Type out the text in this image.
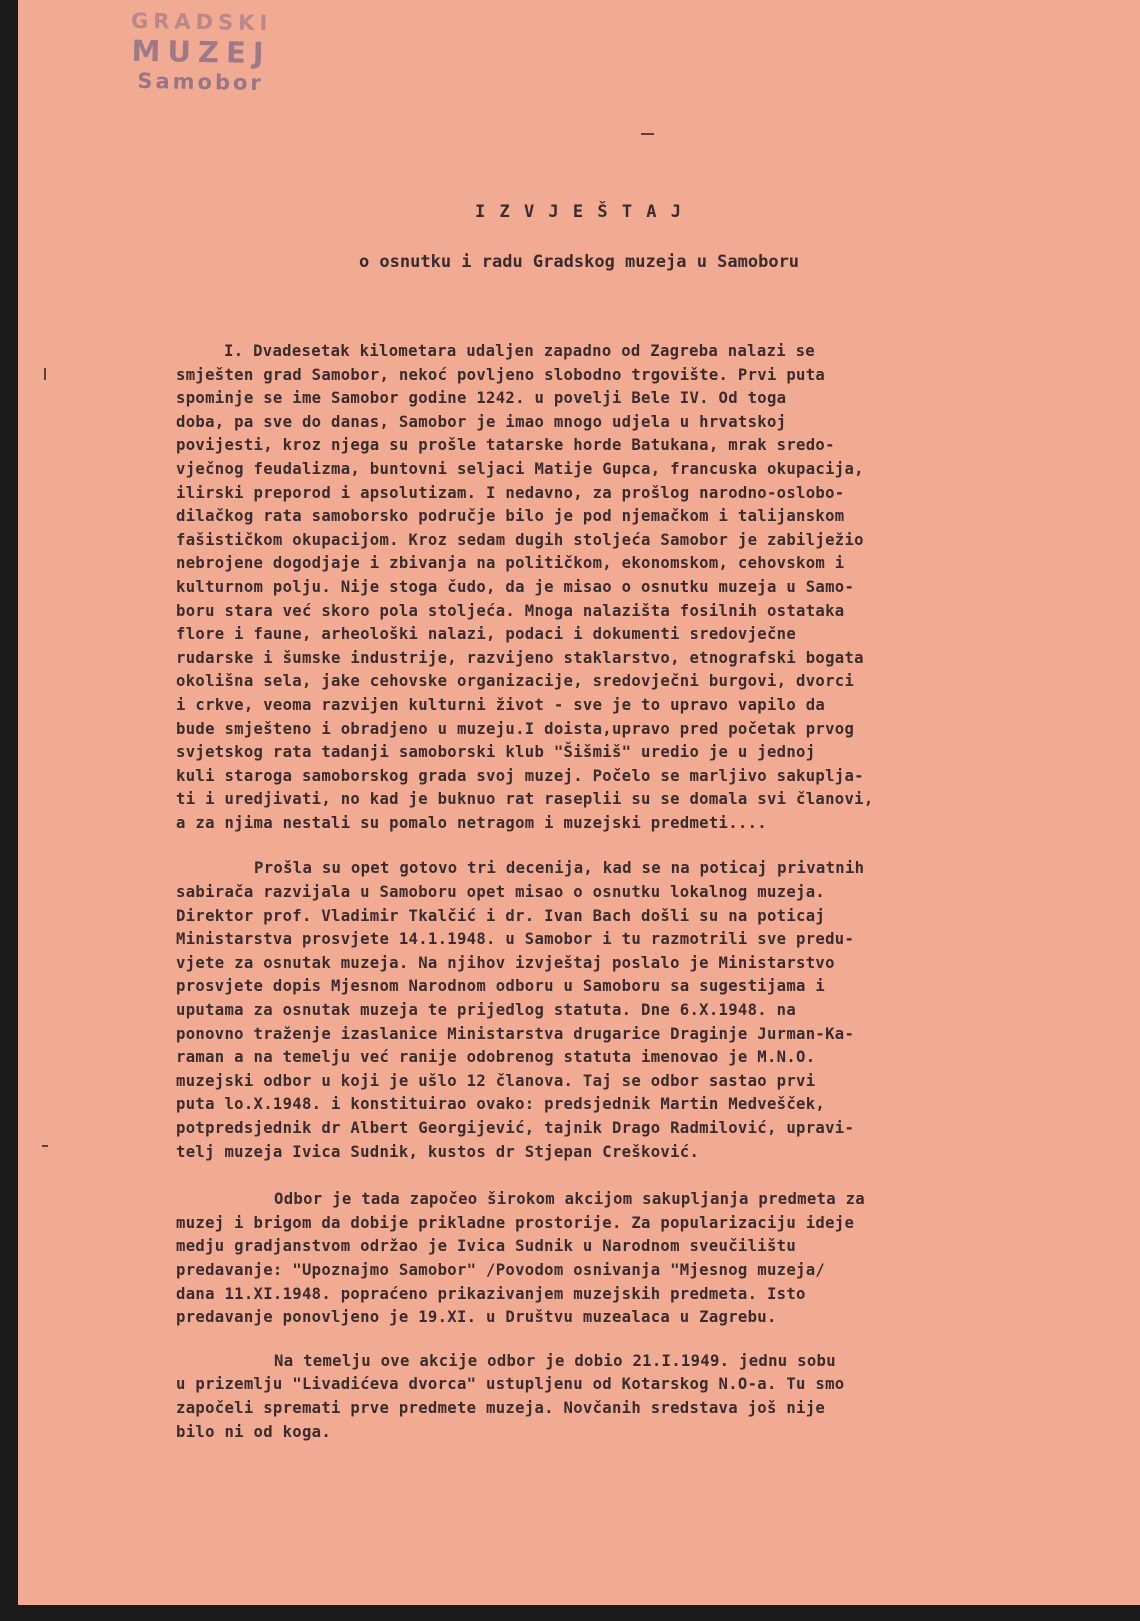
GRADSKI
MUZEJ
Samobor
I Z V J E Š T A J
o osnutku i radu Gradskog muzeja u Samoboru
I. Dvadesetak kilometara udaljen zapadno od Zagreba nalazi se
smješten grad Samobor, nekoć povljeno slobodno trgovište. Prvi puta
spominje se ime Samobor godine 1242. u povelji Bele IV. Od toga
doba, pa sve do danas, Samobor je imao mnogo udjela u hrvatskoj
povijesti, kroz njega su prošle tatarske horde Batukana, mrak sredo-
vječnog feudalizma, buntovni seljaci Matije Gupca, francuska okupacija,
ilirski preporod i apsolutizam. I nedavno, za prošlog narodno-oslobo-
dilačkog rata samoborsko područje bilo je pod njemačkom i talijanskom
fašističkom okupacijom. Kroz sedam dugih stoljeća Samobor je zabilježio
nebrojene dogodjaje i zbivanja na političkom, ekonomskom, cehovskom i
kulturnom polju. Nije stoga čudo, da je misao o osnutku muzeja u Samo-
boru stara već skoro pola stoljeća. Mnoga nalazišta fosilnih ostataka
flore i faune, arheološki nalazi, podaci i dokumenti sredovječne
rudarske i šumske industrije, razvijeno staklarstvo, etnografski bogata
okolišna sela, jake cehovske organizacije, sredovječni burgovi, dvorci
i crkve, veoma razvijen kulturni život - sve je to upravo vapilo da
bude smješteno i obradjeno u muzeju.I doista,upravo pred početak prvog
svjetskog rata tadanji samoborski klub "Šišmiš" uredio je u jednoj
kuli staroga samoborskog grada svoj muzej. Počelo se marljivo sakuplja-
ti i uredjivati, no kad je buknuo rat raseplii su se domala svi članovi,
a za njima nestali su pomalo netragom i muzejski predmeti....
Prošla su opet gotovo tri decenija, kad se na poticaj privatnih
sabirača razvijala u Samoboru opet misao o osnutku lokalnog muzeja.
Direktor prof. Vladimir Tkalčić i dr. Ivan Bach došli su na poticaj
Ministarstva prosvjete 14.1.1948. u Samobor i tu razmotrili sve predu-
vjete za osnutak muzeja. Na njihov izvještaj poslalo je Ministarstvo
prosvjete dopis Mjesnom Narodnom odboru u Samoboru sa sugestijama i
uputama za osnutak muzeja te prijedlog statuta. Dne 6.X.1948. na
ponovno traženje izaslanice Ministarstva drugarice Draginje Jurman-Ka-
raman a na temelju već ranije odobrenog statuta imenovao je M.N.O.
muzejski odbor u koji je ušlo 12 članova. Taj se odbor sastao prvi
puta lo.X.1948. i konstituirao ovako: predsjednik Martin Medvešček,
potpredsjednik dr Albert Georgijević, tajnik Drago Radmilović, upravi-
telj muzeja Ivica Sudnik, kustos dr Stjepan Crešković.
Odbor je tada započeo širokom akcijom sakupljanja predmeta za
muzej i brigom da dobije prikladne prostorije. Za popularizaciju ideje
medju gradjanstvom održao je Ivica Sudnik u Narodnom sveučilištu
predavanje: "Upoznajmo Samobor" /Povodom osnivanja "Mjesnog muzeja/
dana 11.XI.1948. popraćeno prikazivanjem muzejskih predmeta. Isto
predavanje ponovljeno je 19.XI. u Društvu muzealaca u Zagrebu.
Na temelju ove akcije odbor je dobio 21.I.1949. jednu sobu
u prizemlju "Livadićeva dvorca" ustupljenu od Kotarskog N.O-a. Tu smo
započeli spremati prve predmete muzeja. Novčanih sredstava još nije
bilo ni od koga.
